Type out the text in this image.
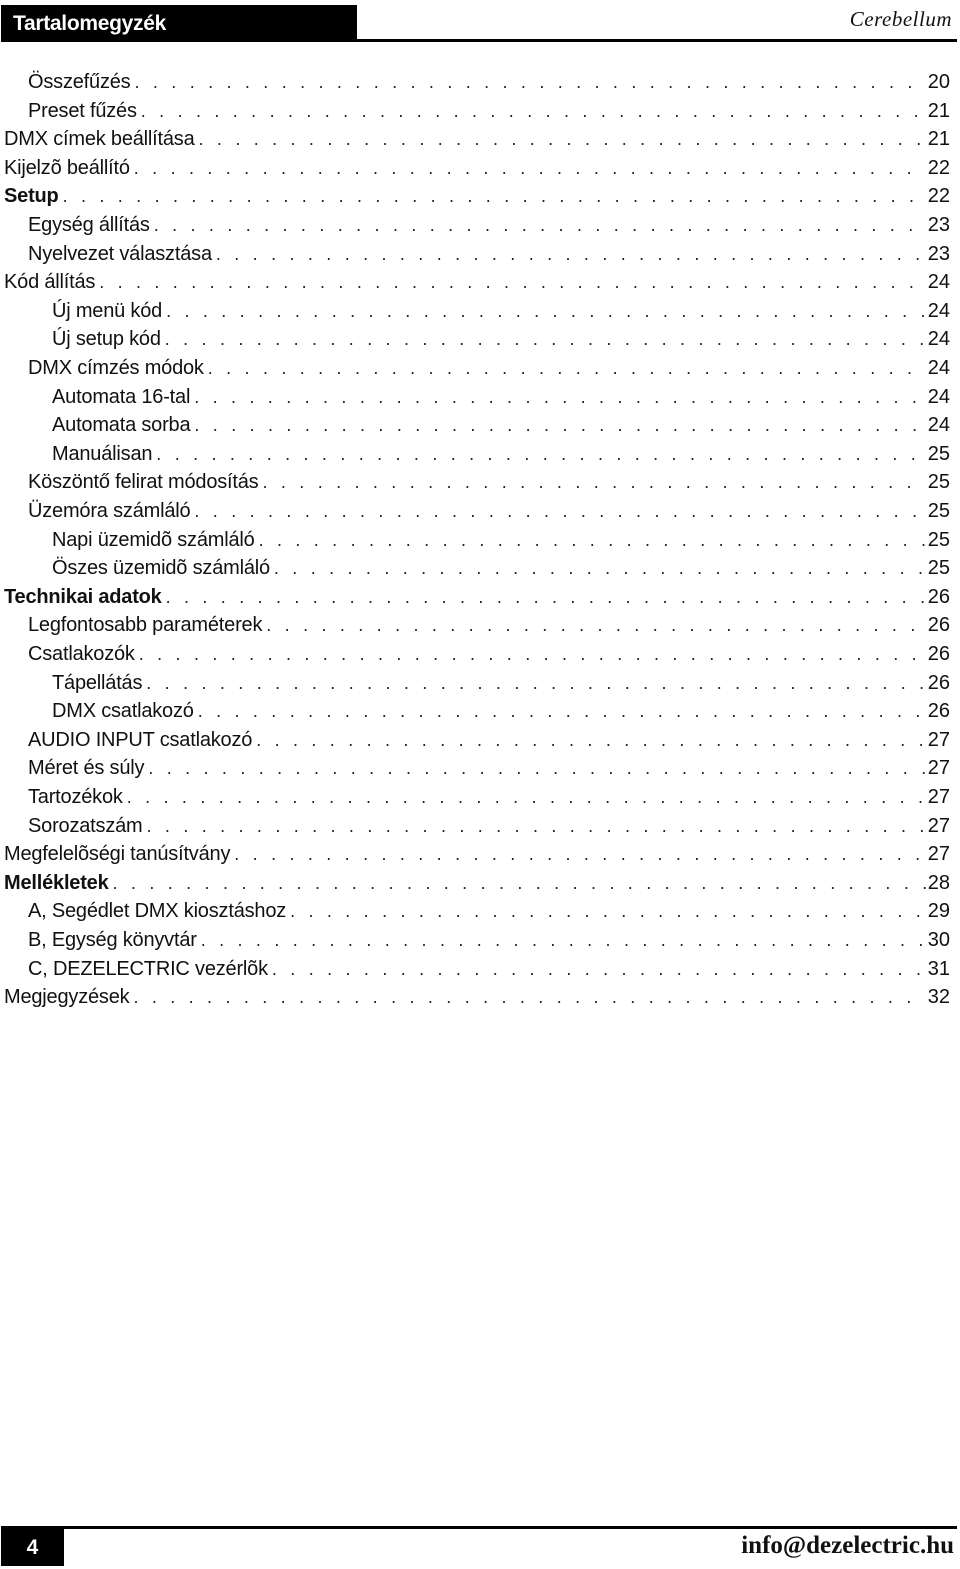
Tartalomegyzék	Cerebellum
Összefűzés . . .	20
Preset fűzés . . .	21
DMX címek beállítása . . .	21
Kijelzõ beállító . . .	22
Setup . . .	22
Egység állítás . . .	23
Nyelvezet választása . . .	23
Kód állítás . . .	24
Új menü kód . . .	24
Új setup kód . . .	24
DMX címzés módok . . .	24
Automata 16-tal . . .	24
Automata sorba . . .	24
Manuálisan . . .	25
Köszöntő felirat módosítás . . .	25
Üzemóra számláló . . .	25
Napi üzemidõ számláló . . .	25
Öszes üzemidõ számláló . . .	25
Technikai adatok . . .	26
Legfontosabb paraméterek . . .	26
Csatlakozók . . .	26
Tápellátás . . .	26
DMX csatlakozó . . .	26
AUDIO INPUT csatlakozó . . .	27
Méret és súly . . .	27
Tartozékok . . .	27
Sorozatszám . . .	27
Megfelelõségi tanúsítvány . . .	27
Mellékletek . . .	28
A, Segédlet DMX kiosztáshoz . . .	29
B, Egység könyvtár . . .	30
C, DEZELECTRIC vezérlõk . . .	31
Megjegyzések . . .	32
4	info@dezelectric.hu
